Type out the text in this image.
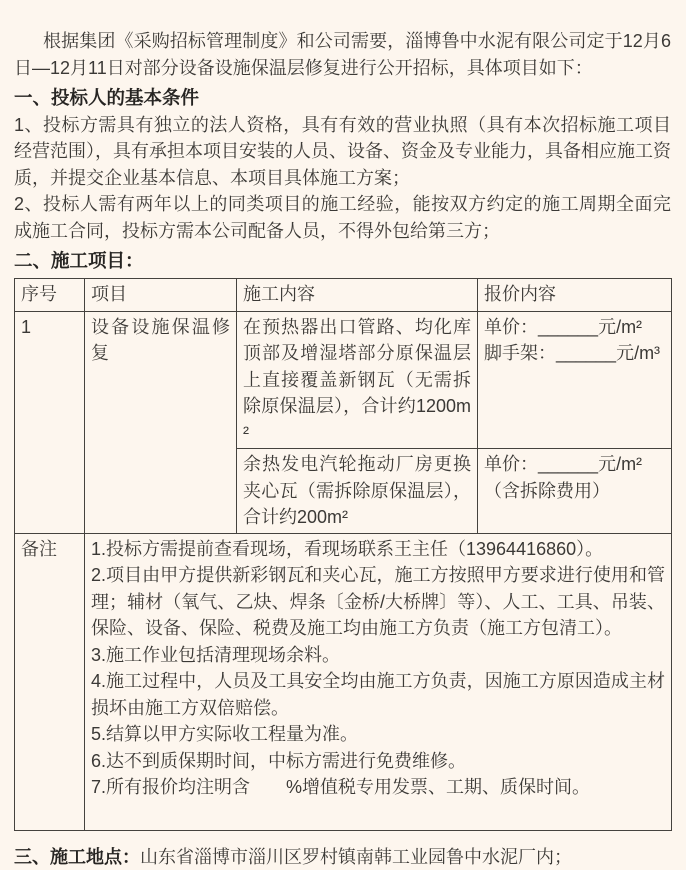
根据集团《采购招标管理制度》和公司需要，淄博鲁中水泥有限公司定于12月6日—12月11日对部分设备设施保温层修复进行公开招标，具体项目如下：

一、投标人的基本条件

1、投标方需具有独立的法人资格，具有有效的营业执照（具有本次招标施工项目经营范围），具有承担本项目安装的人员、设备、资金及专业能力，具备相应施工资质，并提交企业基本信息、本项目具体施工方案；

2、投标人需有两年以上的同类项目的施工经验，能按双方约定的施工周期全面完成施工合同，投标方需本公司配备人员，不得外包给第三方；

二、施工项目：
序号	项目	施工内容	报价内容
1	设备设施保温修复	在预热器出口管路、均化库顶部及增湿塔部分原保温层上直接覆盖新钢瓦（无需拆除原保温层），合计约1200m²	单价：______元/m²
脚手架：______元/m³

		余热发电汽轮拖动厂房更换夹心瓦（需拆除原保温层），合计约200m²	单价：______元/m²
（含拆除费用）

备注	1.投标方需提前查看现场，看现场联系王主任（13964416860）。

2.项目由甲方提供新彩钢瓦和夹心瓦，施工方按照甲方要求进行使用和管理；辅材（氧气、乙炔、焊条〔金桥/大桥牌〕等）、人工、工具、吊装、保险、设备、保险、税费及施工均由施工方负责（施工方包清工）。

3.施工作业包括清理现场余料。

4.施工过程中，人员及工具安全均由施工方负责，因施工方原因造成主材损坏由施工方双倍赔偿。

5.结算以甲方实际收工程量为准。

6.达不到质保期时间，中标方需进行免费维修。

7.所有报价均注明含　　%增值税专用发票、工期、质保时间。

三、施工地点：山东省淄博市淄川区罗村镇南韩工业园鲁中水泥厂内；
